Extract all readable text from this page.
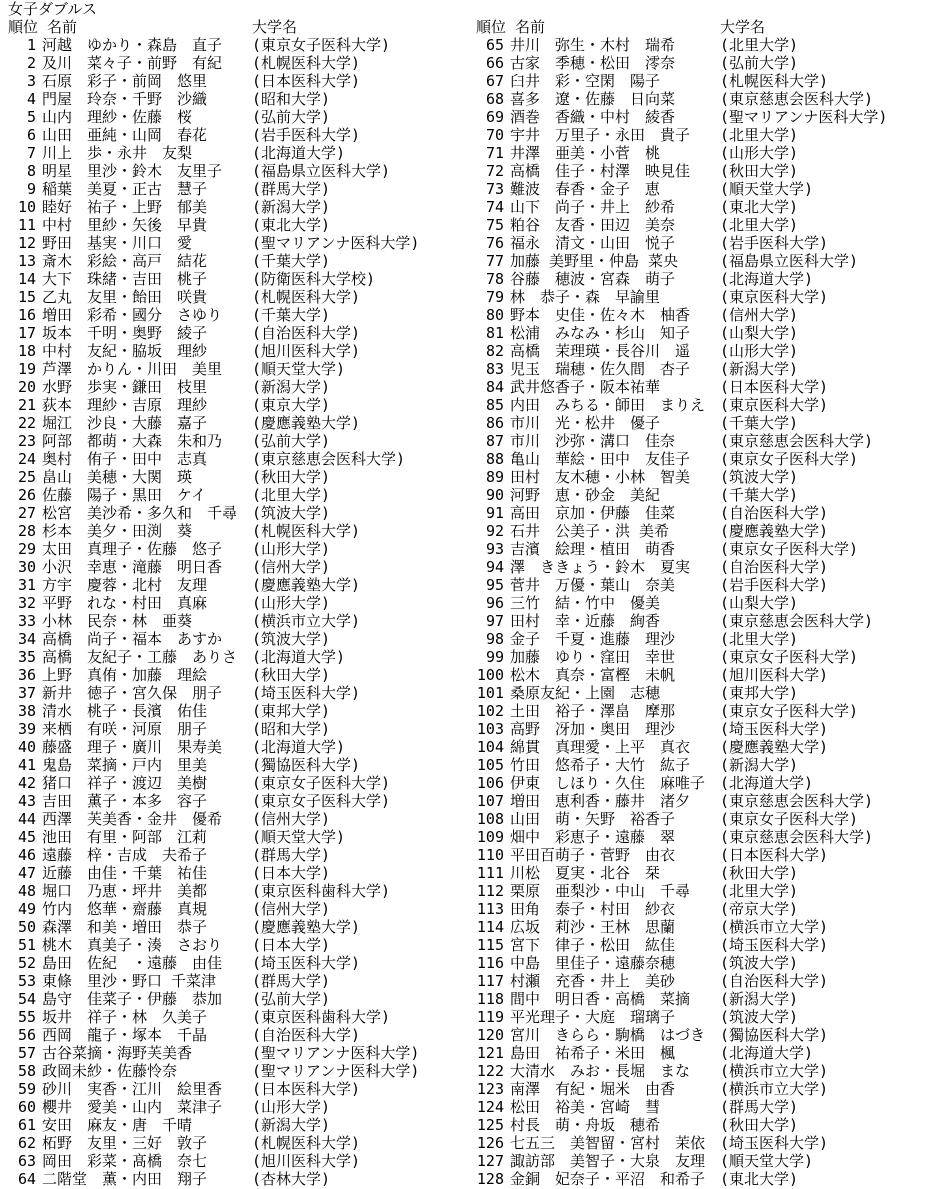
女子ダブルス
順位 名前	大学名
1 河越　ゆかり・森島　直子	(東京女子医科大学)
2 及川　菜々子・前野　有紀	(札幌医科大学)
3 石原　彩子・前岡　悠里	(日本医科大学)
4 門屋　玲奈・千野　沙織	(昭和大学)
5 山内　理紗・佐藤　桜	(弘前大学)
6 山田　亜純・山岡　春花	(岩手医科大学)
7 川上　歩・永井　友梨	(北海道大学)
8 明星　里沙・鈴木　友里子	(福島県立医科大学)
9 稲葉　美夏・正古　慧子	(群馬大学)
10 睦好　祐子・上野　郁美	(新潟大学)
11 中村　里紗・矢後　早貴	(東北大学)
12 野田　基実・川口　愛	(聖マリアンナ医科大学)
13 斎木　彩絵・高戸　結花	(千葉大学)
14 大下　珠緒・吉田　桃子	(防衛医科大学校)
15 乙丸　友里・飴田　咲貴	(札幌医科大学)
16 増田　彩希・國分　さゆり	(千葉大学)
17 坂本　千明・奥野　綾子	(自治医科大学)
18 中村　友紀・脇坂　理紗	(旭川医科大学)
19 芦澤　かりん・川田　美里	(順天堂大学)
20 水野　歩実・鎌田　枝里	(新潟大学)
21 荻本　理紗・吉原　理紗	(東京大学)
22 堀江　沙良・大藤　嘉子	(慶應義塾大学)
23 阿部　都萌・大森　朱和乃	(弘前大学)
24 奥村　侑子・田中　志真	(東京慈恵会医科大学)
25 畠山　美穂・大関　瑛	(秋田大学)
26 佐藤　陽子・黒田　ケイ	(北里大学)
27 松宮　美沙希・多久和　千尋 (筑波大学)
28 杉本　美夕・田渕　葵	(札幌医科大学)
29 太田　真理子・佐藤　悠子	(山形大学)
30 小沢　幸恵・滝藤　明日香	(信州大学)
31 方宇　慶蓉・北村　友理	(慶應義塾大学)
32 平野　れな・村田　真麻	(山形大学)
33 小林　民奈・林　亜葵	(横浜市立大学)
34 高橋　尚子・福本　あすか	(筑波大学)
35 高橋　友紀子・工藤　ありさ (北海道大学)
36 上野　真侑・加藤　理絵	(秋田大学)
37 新井　徳子・宮久保　朋子	(埼玉医科大学)
38 清水　桃子・長濱　佑佳	(東邦大学)
39 来栖　有咲・河原　朋子	(昭和大学)
40 藤盛　理子・廣川　果寿美	(北海道大学)
41 鬼島　菜摘・戸内　里美	(獨協医科大学)
42 猪口　祥子・渡辺　美樹	(東京女子医科大学)
43 吉田　薫子・本多　容子	(東京女子医科大学)
44 西澤　芙美香・金井　優希	(信州大学)
45 池田　有里・阿部　江莉	(順天堂大学)
46 遠藤　梓・吉成　夫希子	(群馬大学)
47 近藤　由佳・千葉　祐佳	(日本大学)
48 堀口　乃恵・坪井　美都	(東京医科歯科大学)
49 竹内　悠華・齋藤　真規	(信州大学)
50 森澤　和美・増田　恭子	(慶應義塾大学)
51 桃木　真美子・湊　さおり	(日本大学)
52 島田　佐紀　・遠藤　由佳	(埼玉医科大学)
53 東條　里沙・野口 千菜津	(群馬大学)
54 島守　佳菜子・伊藤　恭加	(弘前大学)
55 坂井　祥子・林　久美子	(東京医科歯科大学)
56 西岡　龍子・塚本　千晶	(自治医科大学)
57 古谷菜摘・海野芙美香	(聖マリアンナ医科大学)
58 政岡未紗・佐藤怜奈	(聖マリアンナ医科大学)
59 砂川　実香・江川　絵里香	(日本医科大学)
60 櫻井　愛美・山内　菜津子	(山形大学)
61 安田　麻友・唐　千晴	(新潟大学)
62 柘野　友里・三好　敦子	(札幌医科大学)
63 岡田　彩菜・髙橋　奈七	(旭川医科大学)
64 二階堂　薫・内田　翔子	(杏林大学)
順位 名前	大学名
65 井川　弥生・木村　瑞希	(北里大学)
66 古家　季穂・松田　澪奈	(弘前大学)
67 臼井　彩・空閑　陽子	(札幌医科大学)
68 喜多　遼・佐藤　日向菜	(東京慈恵会医科大学)
69 酒巻　香織・中村　綾香	(聖マリアンナ医科大学)
70 宇井　万里子・永田　貴子	(北里大学)
71 井澤　亜美・小菅　桃	(山形大学)
72 高橋　佳子・村澤　映見佳	(秋田大学)
73 難波　春香・金子　恵	(順天堂大学)
74 山下　尚子・井上　紗希	(東北大学)
75 粕谷　友香・田辺　美奈	(北里大学)
76 福永　清文・山田　悦子	(岩手医科大学)
77 加藤 美野里・仲島 菜央	(福島県立医科大学)
78 谷藤　穂波・宮森　萌子	(北海道大学)
79 林　恭子・森　早諭里	(東京医科大学)
80 野本　史佳・佐々木　柚香	(信州大学)
81 松浦　みなみ・杉山　知子	(山梨大学)
82 高橋　茉理瑛・長谷川　遥	(山形大学)
83 児玉　瑞穂・佐久間　杏子	(新潟大学)
84 武井悠香子・阪本祐華	(日本医科大学)
85 内田　みちる・師田　まりえ (東京医科大学)
86 市川　光・松井　優子	(千葉大学)
87 市川　沙弥・溝口　佳奈	(東京慈恵会医科大学)
88 亀山　華絵・田中　友佳子	(東京女子医科大学)
89 田村　友木穂・小林　智美	(筑波大学)
90 河野　恵・砂金　美紀	(千葉大学)
91 高田　京加・伊藤　佳菜	(自治医科大学)
92 石井　公美子・洪 美希	(慶應義塾大学)
93 吉濱　絵理・植田　萌香	(東京女子医科大学)
94 澤　ききょう・鈴木　夏実	(自治医科大学)
95 菅井　万優・葉山　奈美	(岩手医科大学)
96 三竹　結・竹中　優美	(山梨大学)
97 田村　幸・近藤　絢香	(東京慈恵会医科大学)
98 金子　千夏・進藤　理沙	(北里大学)
99 加藤　ゆり・窪田　幸世	(東京女子医科大学)
100 松木　真奈・富樫　未帆	(旭川医科大学)
101 桑原友紀・上園　志穂	(東邦大学)
102 土田　裕子・澤畠　摩那	(東京女子医科大学)
103 高野　冴加・奥田　理沙	(埼玉医科大学)
104 綿貫　真理愛・上平　真衣	(慶應義塾大学)
105 竹田　悠希子・大竹　紘子	(新潟大学)
106 伊東　しほり・久住　麻唯子 (北海道大学)
107 増田　恵利香・藤井　渚夕	(東京慈恵会医科大学)
108 山田　萌・矢野　裕香子	(東京女子医科大学)
109 畑中　彩恵子・遠藤　翠	(東京慈恵会医科大学)
110 平田百萌子・菅野　由衣	(日本医科大学)
111 川松　夏実・北谷　栞	(秋田大学)
112 栗原　亜梨沙・中山　千尋	(北里大学)
113 田角　泰子・村田　紗衣	(帝京大学)
114 広坂　莉沙・王林　思蘭	(横浜市立大学)
115 宮下　律子・松田　紘佳	(埼玉医科大学)
116 中島　里佳子・遠藤奈穂	(筑波大学)
117 村瀬　充香・井上　美砂	(自治医科大学)
118 間中　明日香・高橋　菜摘	(新潟大学)
119 平光理子・大庭　瑠璃子	(筑波大学)
120 宮川　きらら・駒橋　はづき (獨協医科大学)
121 島田　祐希子・米田　楓	(北海道大学)
122 大清水　みお・長堀　まな	(横浜市立大学)
123 南澤　有紀・堀米　由香	(横浜市立大学)
124 松田　裕美・宮崎　彗	(群馬大学)
125 村長　萌・舟坂　穂希	(秋田大学)
126 七五三　美智留・宮村　茉依 (埼玉医科大学)
127 諏訪部　美智子・大泉　友理 (順天堂大学)
128 金銅　妃奈子・平沼　和希子 (東北大学)
